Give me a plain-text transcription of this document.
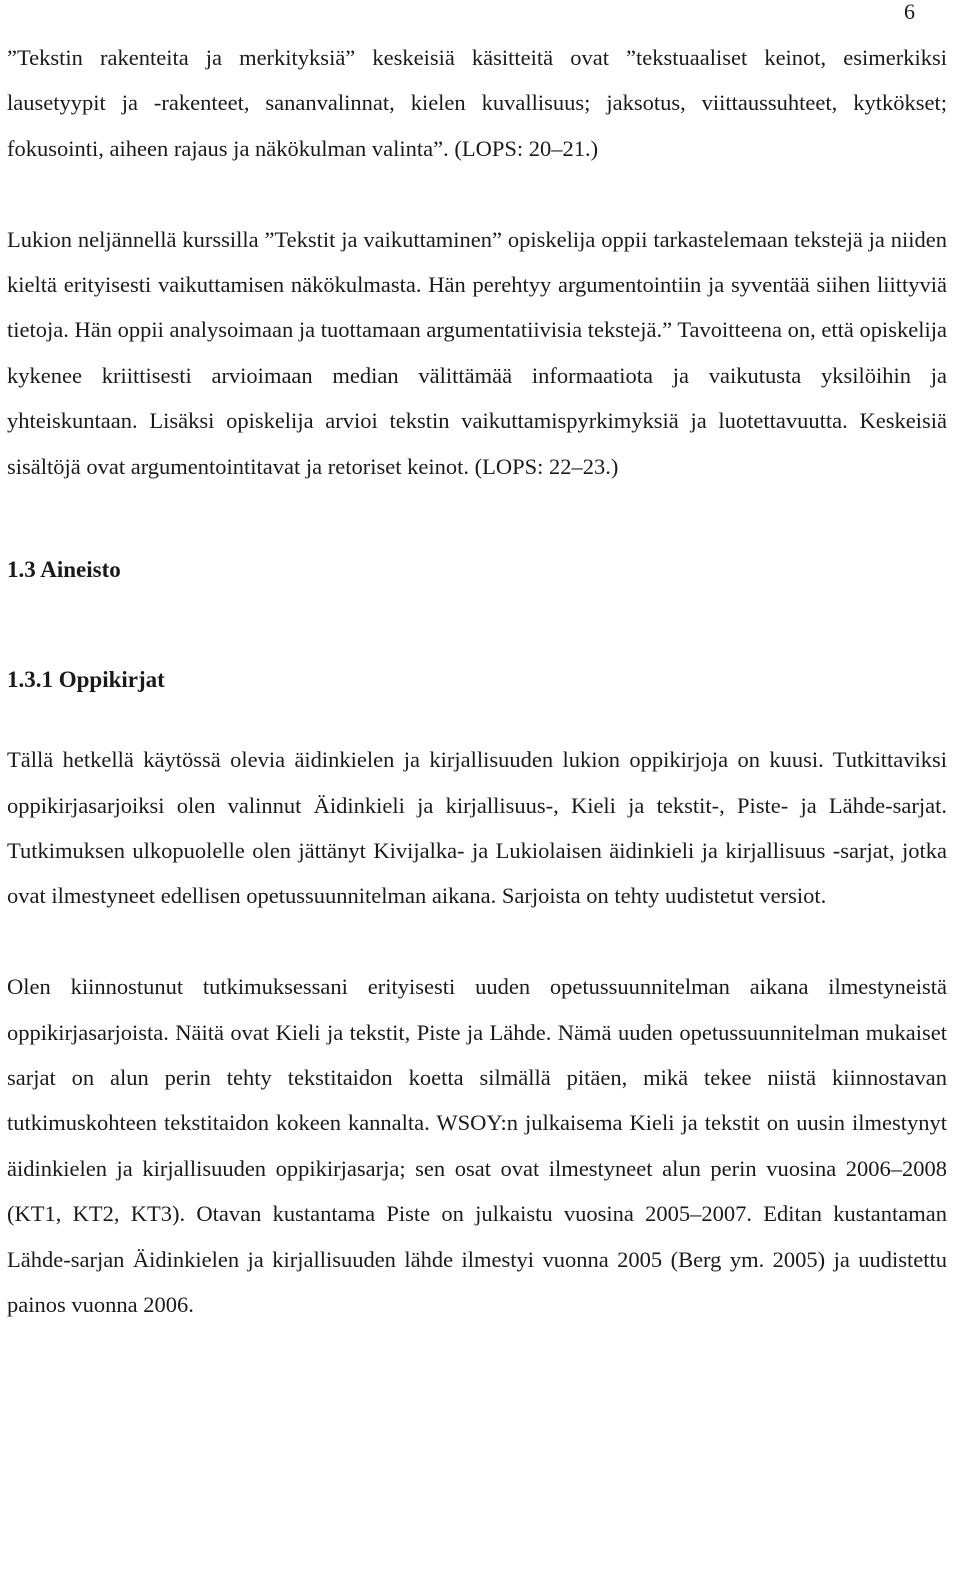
6

”Tekstin rakenteita ja merkityksiä” keskeisiä käsitteitä ovat ”tekstuaaliset keinot, esimerkiksi lausetyypit ja -rakenteet, sananvalinnat, kielen kuvallisuus; jaksotus, viittaussuhteet, kytkökset; fokusointi, aiheen rajaus ja näkökulman valinta”. (LOPS: 20–21.)

Lukion neljännellä kurssilla ”Tekstit ja vaikuttaminen” opiskelija oppii tarkastelemaan tekstejä ja niiden kieltä erityisesti vaikuttamisen näkökulmasta. Hän perehtyy argumentointiin ja syventää siihen liittyviä tietoja. Hän oppii analysoimaan ja tuottamaan argumentatiivisia tekstejä.” Tavoitteena on, että opiskelija kykenee kriittisesti arvioimaan median välittämää informaatiota ja vaikutusta yksilöihin ja yhteiskuntaan. Lisäksi opiskelija arvioi tekstin vaikuttamispyrkimyksiä ja luotettavuutta. Keskeisiä sisältöjä ovat argumentointitavat ja retoriset keinot. (LOPS: 22–23.)

1.3 Aineisto
1.3.1 Oppikirjat

Tällä hetkellä käytössä olevia äidinkielen ja kirjallisuuden lukion oppikirjoja on kuusi. Tutkittaviksi oppikirjasarjoiksi olen valinnut Äidinkieli ja kirjallisuus-, Kieli ja tekstit-, Piste- ja Lähde-sarjat. Tutkimuksen ulkopuolelle olen jättänyt Kivijalka- ja Lukiolaisen äidinkieli ja kirjallisuus -sarjat, jotka ovat ilmestyneet edellisen opetussuunnitelman aikana. Sarjoista on tehty uudistetut versiot.

Olen kiinnostunut tutkimuksessani erityisesti uuden opetussuunnitelman aikana ilmestyneistä oppikirjasarjoista. Näitä ovat Kieli ja tekstit, Piste ja Lähde. Nämä uuden opetussuunnitelman mukaiset sarjat on alun perin tehty tekstitaidon koetta silmällä pitäen, mikä tekee niistä kiinnostavan tutkimuskohteen tekstitaidon kokeen kannalta. WSOY:n julkaisema Kieli ja tekstit on uusin ilmestynyt äidinkielen ja kirjallisuuden oppikirjasarja; sen osat ovat ilmestyneet alun perin vuosina 2006–2008 (KT1, KT2, KT3). Otavan kustantama Piste on julkaistu vuosina 2005–2007. Editan kustantaman Lähde-sarjan Äidinkielen ja kirjallisuuden lähde ilmestyi vuonna 2005 (Berg ym. 2005) ja uudistettu painos vuonna 2006.
